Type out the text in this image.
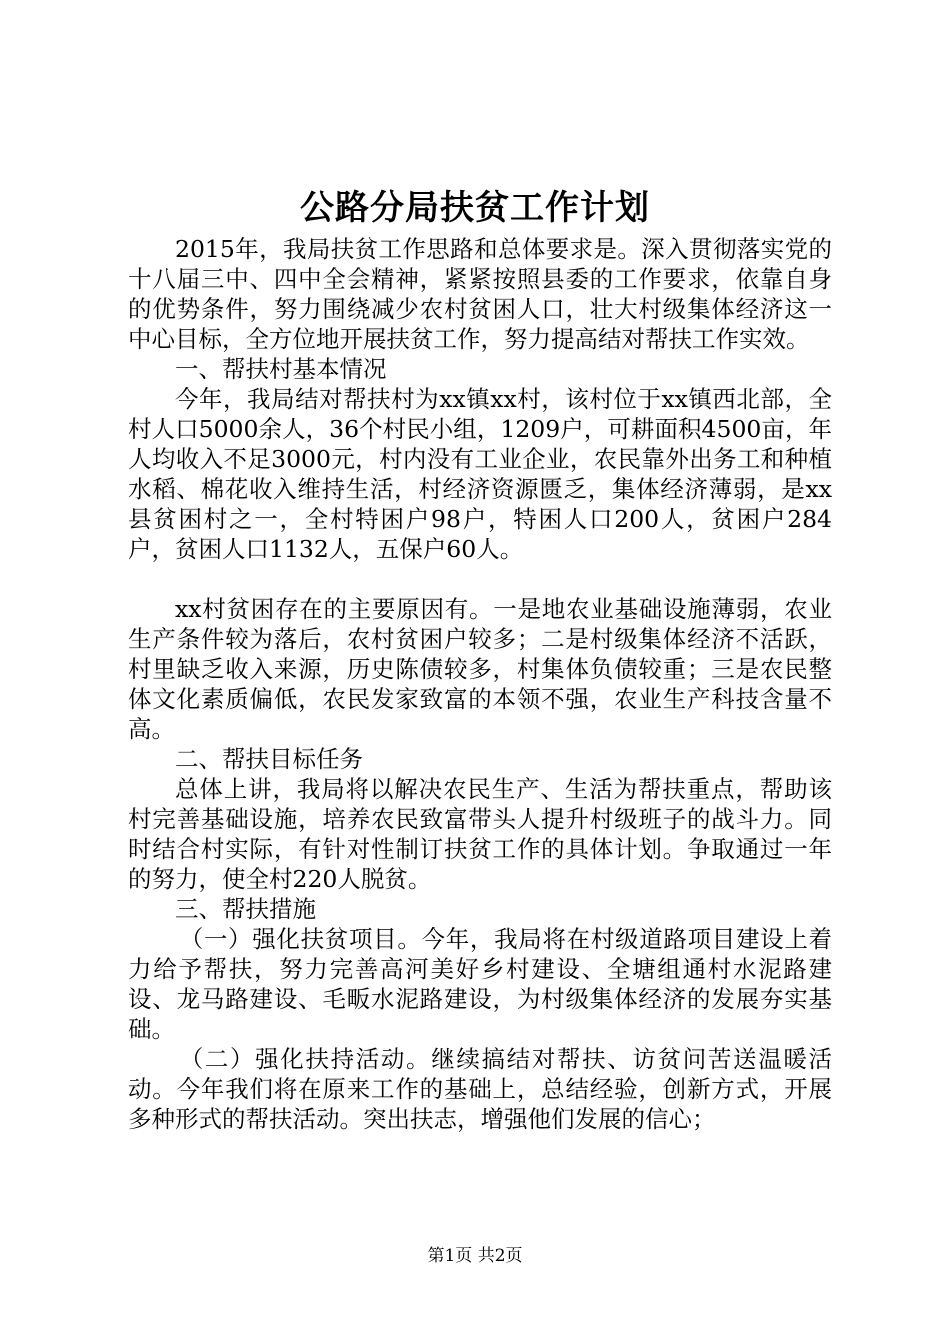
公路分局扶贫工作计划

2015年，我局扶贫工作思路和总体要求是。深入贯彻落实党的十八届三中、四中全会精神，紧紧按照县委的工作要求，依靠自身的优势条件，努力围绕减少农村贫困人口，壮大村级集体经济这一中心目标，全方位地开展扶贫工作，努力提高结对帮扶工作实效。

一、帮扶村基本情况

今年，我局结对帮扶村为xx镇xx村，该村位于xx镇西北部，全村人口5000余人，36个村民小组，1209户，可耕面积4500亩，年人均收入不足3000元，村内没有工业企业，农民靠外出务工和种植水稻、棉花收入维持生活，村经济资源匮乏，集体经济薄弱，是xx县贫困村之一，全村特困户98户，特困人口200人，贫困户284户，贫困人口1132人，五保户60人。

xx村贫困存在的主要原因有。一是地农业基础设施薄弱，农业生产条件较为落后，农村贫困户较多；二是村级集体经济不活跃，村里缺乏收入来源，历史陈债较多，村集体负债较重；三是农民整体文化素质偏低，农民发家致富的本领不强，农业生产科技含量不高。

二、帮扶目标任务

总体上讲，我局将以解决农民生产、生活为帮扶重点，帮助该村完善基础设施，培养农民致富带头人提升村级班子的战斗力。同时结合村实际，有针对性制订扶贫工作的具体计划。争取通过一年的努力，使全村220人脱贫。

三、帮扶措施

（一）强化扶贫项目。今年，我局将在村级道路项目建设上着力给予帮扶，努力完善高河美好乡村建设、全塘组通村水泥路建设、龙马路建设、毛畈水泥路建设，为村级集体经济的发展夯实基础。

（二）强化扶持活动。继续搞结对帮扶、访贫问苦送温暖活动。今年我们将在原来工作的基础上，总结经验，创新方式，开展多种形式的帮扶活动。突出扶志，增强他们发展的信心；

第1页 共2页
